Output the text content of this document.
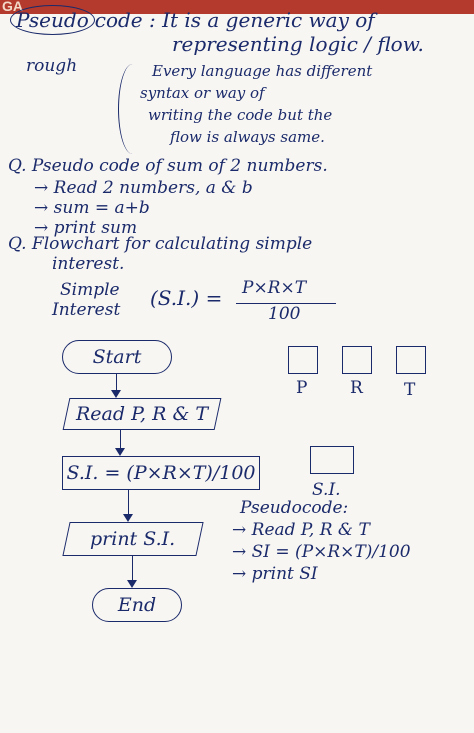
GA
Pseudo code : It is a generic way of
representing logic / flow.
rough	Every language has different
syntax or way of
writing the code but the
flow is always same.
Q. Pseudo code of sum of 2 numbers.
→ Read 2 numbers, a & b
→ sum = a+b
→ print sum
Q. Flowchart for calculating simple
interest.
Simple
Interest (S.I.) = P×R×T
100
Start
Read P, R & T
S.I. = (P×R×T)/100
print S.I.
End
P	R T
S.I.
Pseudocode:
→ Read P, R & T
→ SI = (P×R×T)/100
→ print SI
